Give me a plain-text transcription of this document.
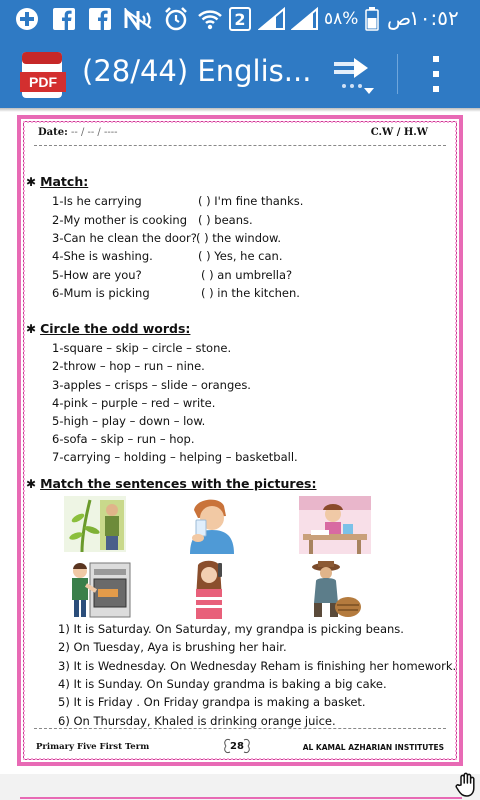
2	٥٨% ص
١٠:٥٢
PDF (28/44) Englis...
Date: -- / -- / ----	C.W / H.W
✱ Match:
1-Is he carrying	( ) I'm fine thanks.
2-My mother is cooking ( ) beans.
3-Can he clean the door? ( ) the window.
4-She is washing.	( ) Yes, he can.
5-How are you?	( ) an umbrella?
6-Mum is picking	( ) in the kitchen.
✱ Circle the odd words:
1-square – skip – circle – stone.
2-throw – hop – run – nine.
3-apples – crisps – slide – oranges.
4-pink – purple – red – write.
5-high – play – down – low.
6-sofa – skip – run – hop.
7-carrying – holding – helping – basketball.
✱ Match the sentences with the pictures:
1) It is Saturday. On Saturday, my grandpa is picking beans.
2) On Tuesday, Aya is brushing her hair.
3) It is Wednesday. On Wednesday Reham is finishing her homework.
4) It is Sunday. On Sunday grandma is baking a big cake.
5) It is Friday . On Friday grandpa is making a basket.
6) On Thursday, Khaled is drinking orange juice.
Primary Five First Term	28	AL KAMAL AZHARIAN INSTITUTES
